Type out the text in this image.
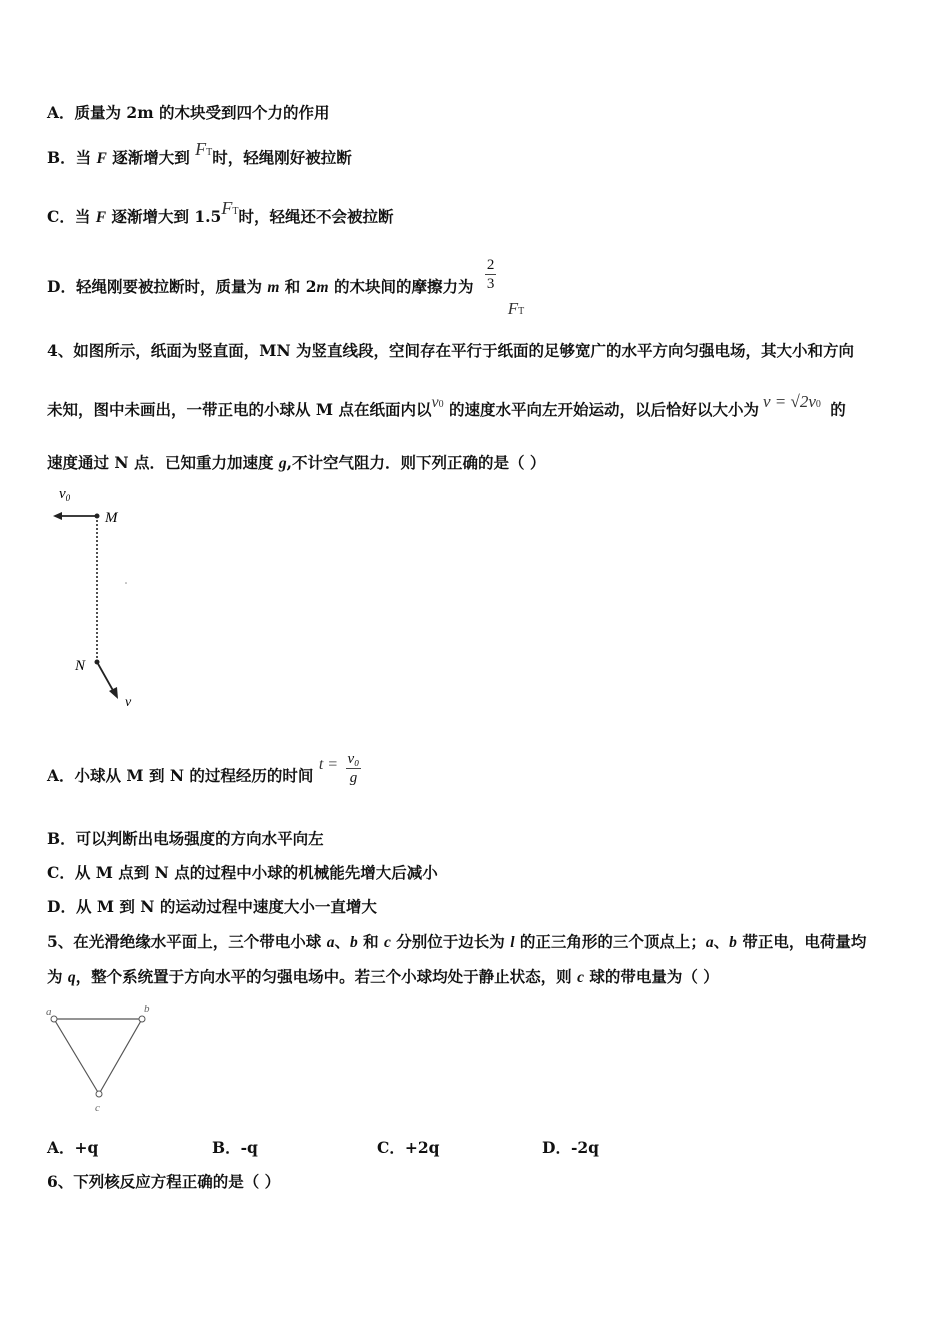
A．质量为 2m 的木块受到四个力的作用
B．当 F 逐渐增大到 FT时，轻绳刚好被拉断
C．当 F 逐渐增大到 1.5FT时，轻绳还不会被拉断
D．轻绳刚要被拉断时，质量为 m 和 2m 的木块间的摩擦力为 $\frac{2}{3}$
FT
4、如图所示，纸面为竖直面，MN 为竖直线段，空间存在平行于纸面的足够宽广的水平方向匀强电场，其大小和方向
未知，图中未画出，一带正电的小球从 M 点在纸面内以v0 的速度水平向左开始运动，以后恰好以大小为 v = √2v0 的
速度通过 N 点．已知重力加速度 g,不计空气阻力．则下列正确的是（ ）
$v_0$
M
N
v
A．小球从 M 到 N 的过程经历的时间 $t = \frac{\text{v₀}}{g}$
B．可以判断出电场强度的方向水平向左
C．从 M 点到 N 点的过程中小球的机械能先增大后减小
D．从 M 到 N 的运动过程中速度大小一直增大
5、在光滑绝缘水平面上，三个带电小球 a、b 和 c 分别位于边长为 l 的正三角形的三个顶点上；a、b 带正电，电荷量均
为 q，整个系统置于方向水平的匀强电场中。若三个小球均处于静止状态，则 c 球的带电量为（ ）
a	b
c
A．+q	B．-q	C．+2q	D．-2q
6、下列核反应方程正确的是（ ）
